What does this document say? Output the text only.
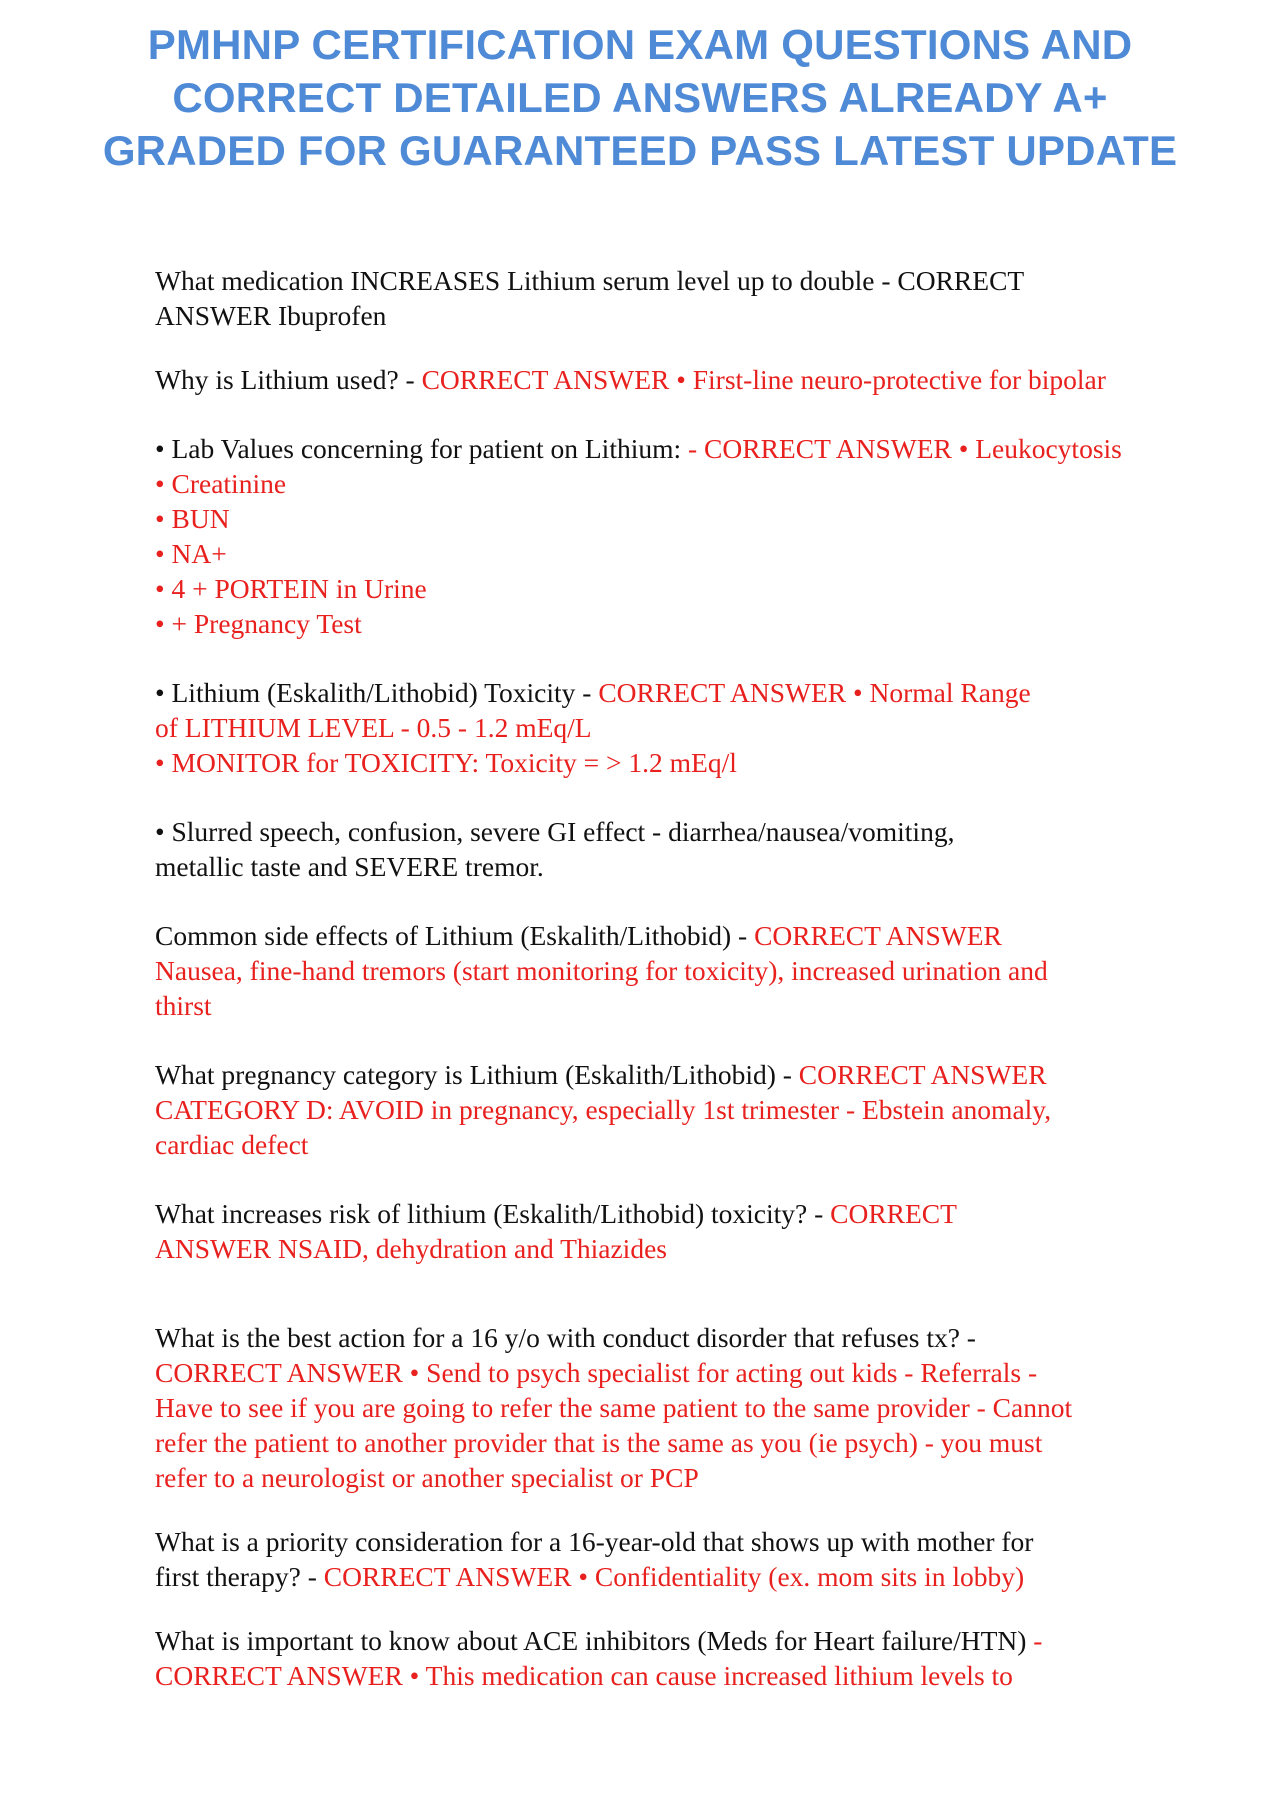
PMHNP CERTIFICATION EXAM QUESTIONS AND
CORRECT DETAILED ANSWERS ALREADY A+
GRADED FOR GUARANTEED PASS LATEST UPDATE
What medication INCREASES Lithium serum level up to double - CORRECT
ANSWER Ibuprofen
Why is Lithium used? - CORRECT ANSWER • First-line neuro-protective for bipolar
• Lab Values concerning for patient on Lithium: - CORRECT ANSWER • Leukocytosis
• Creatinine
• BUN
• NA+
• 4 + PORTEIN in Urine
• + Pregnancy Test
• Lithium (Eskalith/Lithobid) Toxicity - CORRECT ANSWER • Normal Range
of LITHIUM LEVEL - 0.5 - 1.2 mEq/L
• MONITOR for TOXICITY: Toxicity = > 1.2 mEq/l
• Slurred speech, confusion, severe GI effect - diarrhea/nausea/vomiting,
metallic taste and SEVERE tremor.
Common side effects of Lithium (Eskalith/Lithobid) - CORRECT ANSWER
Nausea, fine-hand tremors (start monitoring for toxicity), increased urination and
thirst
What pregnancy category is Lithium (Eskalith/Lithobid) - CORRECT ANSWER
CATEGORY D: AVOID in pregnancy, especially 1st trimester - Ebstein anomaly,
cardiac defect
What increases risk of lithium (Eskalith/Lithobid) toxicity? - CORRECT
ANSWER NSAID, dehydration and Thiazides
What is the best action for a 16 y/o with conduct disorder that refuses tx? -
CORRECT ANSWER • Send to psych specialist for acting out kids - Referrals -
Have to see if you are going to refer the same patient to the same provider - Cannot
refer the patient to another provider that is the same as you (ie psych) - you must
refer to a neurologist or another specialist or PCP
What is a priority consideration for a 16-year-old that shows up with mother for
first therapy? - CORRECT ANSWER • Confidentiality (ex. mom sits in lobby)
What is important to know about ACE inhibitors (Meds for Heart failure/HTN) -
CORRECT ANSWER • This medication can cause increased lithium levels to
